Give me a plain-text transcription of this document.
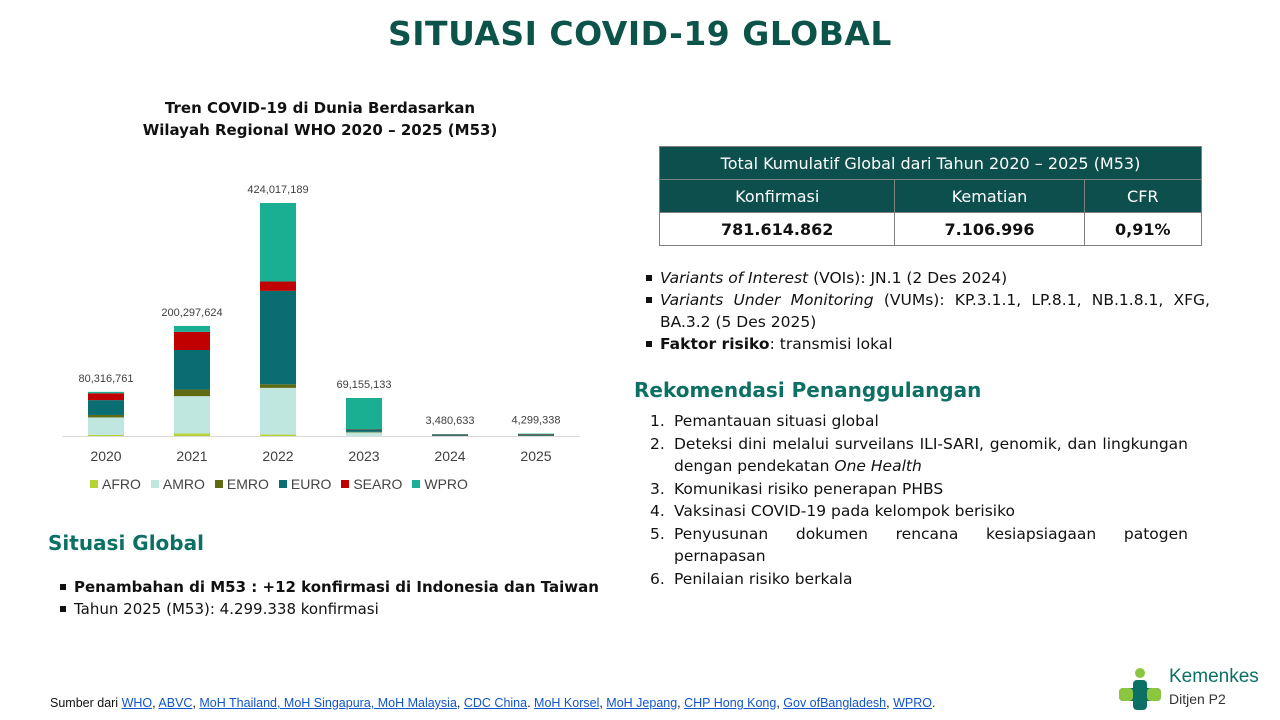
SITUASI COVID-19 GLOBAL
Tren COVID-19 di Dunia Berdasarkan
Wilayah Regional WHO 2020 – 2025 (M53)
80,316,761
2020
200,297,624
2021
424,017,189
2022
69,155,133
2023
3,480,633
2024
4,299,338
2025
AFRO AMRO EMRO EURO SEARO WPRO
Situasi Global
Penambahan di M53 : +12 konfirmasi di Indonesia dan Taiwan
Tahun 2025 (M53): 4.299.338 konfirmasi
Total Kumulatif Global dari Tahun 2020 – 2025 (M53)		
Konfirmasi	Kematian	CFR
781.614.862	7.106.996	0,91%
Variants of Interest (VOIs): JN.1 (2 Des 2024)
Variants Under Monitoring (VUMs): KP.3.1.1, LP.8.1, NB.1.8.1, XFG, BA.3.2 (5 Des 2025)
Faktor risiko: transmisi lokal
Rekomendasi Penanggulangan
1. Pemantauan situasi global
2. Deteksi dini melalui surveilans ILI-SARI, genomik, dan lingkungan dengan pendekatan One Health
3. Komunikasi risiko penerapan PHBS
4. Vaksinasi COVID-19 pada kelompok berisiko
5. Penyusunan dokumen rencana kesiapsiagaan patogen pernapasan
6. Penilaian risiko berkala
Sumber dari WHO, ABVC, MoH Thailand, MoH Singapura, MoH Malaysia, CDC China. MoH Korsel, MoH Jepang, CHP Hong Kong, Gov ofBangladesh, WPRO.
Kemenkes
Ditjen P2
